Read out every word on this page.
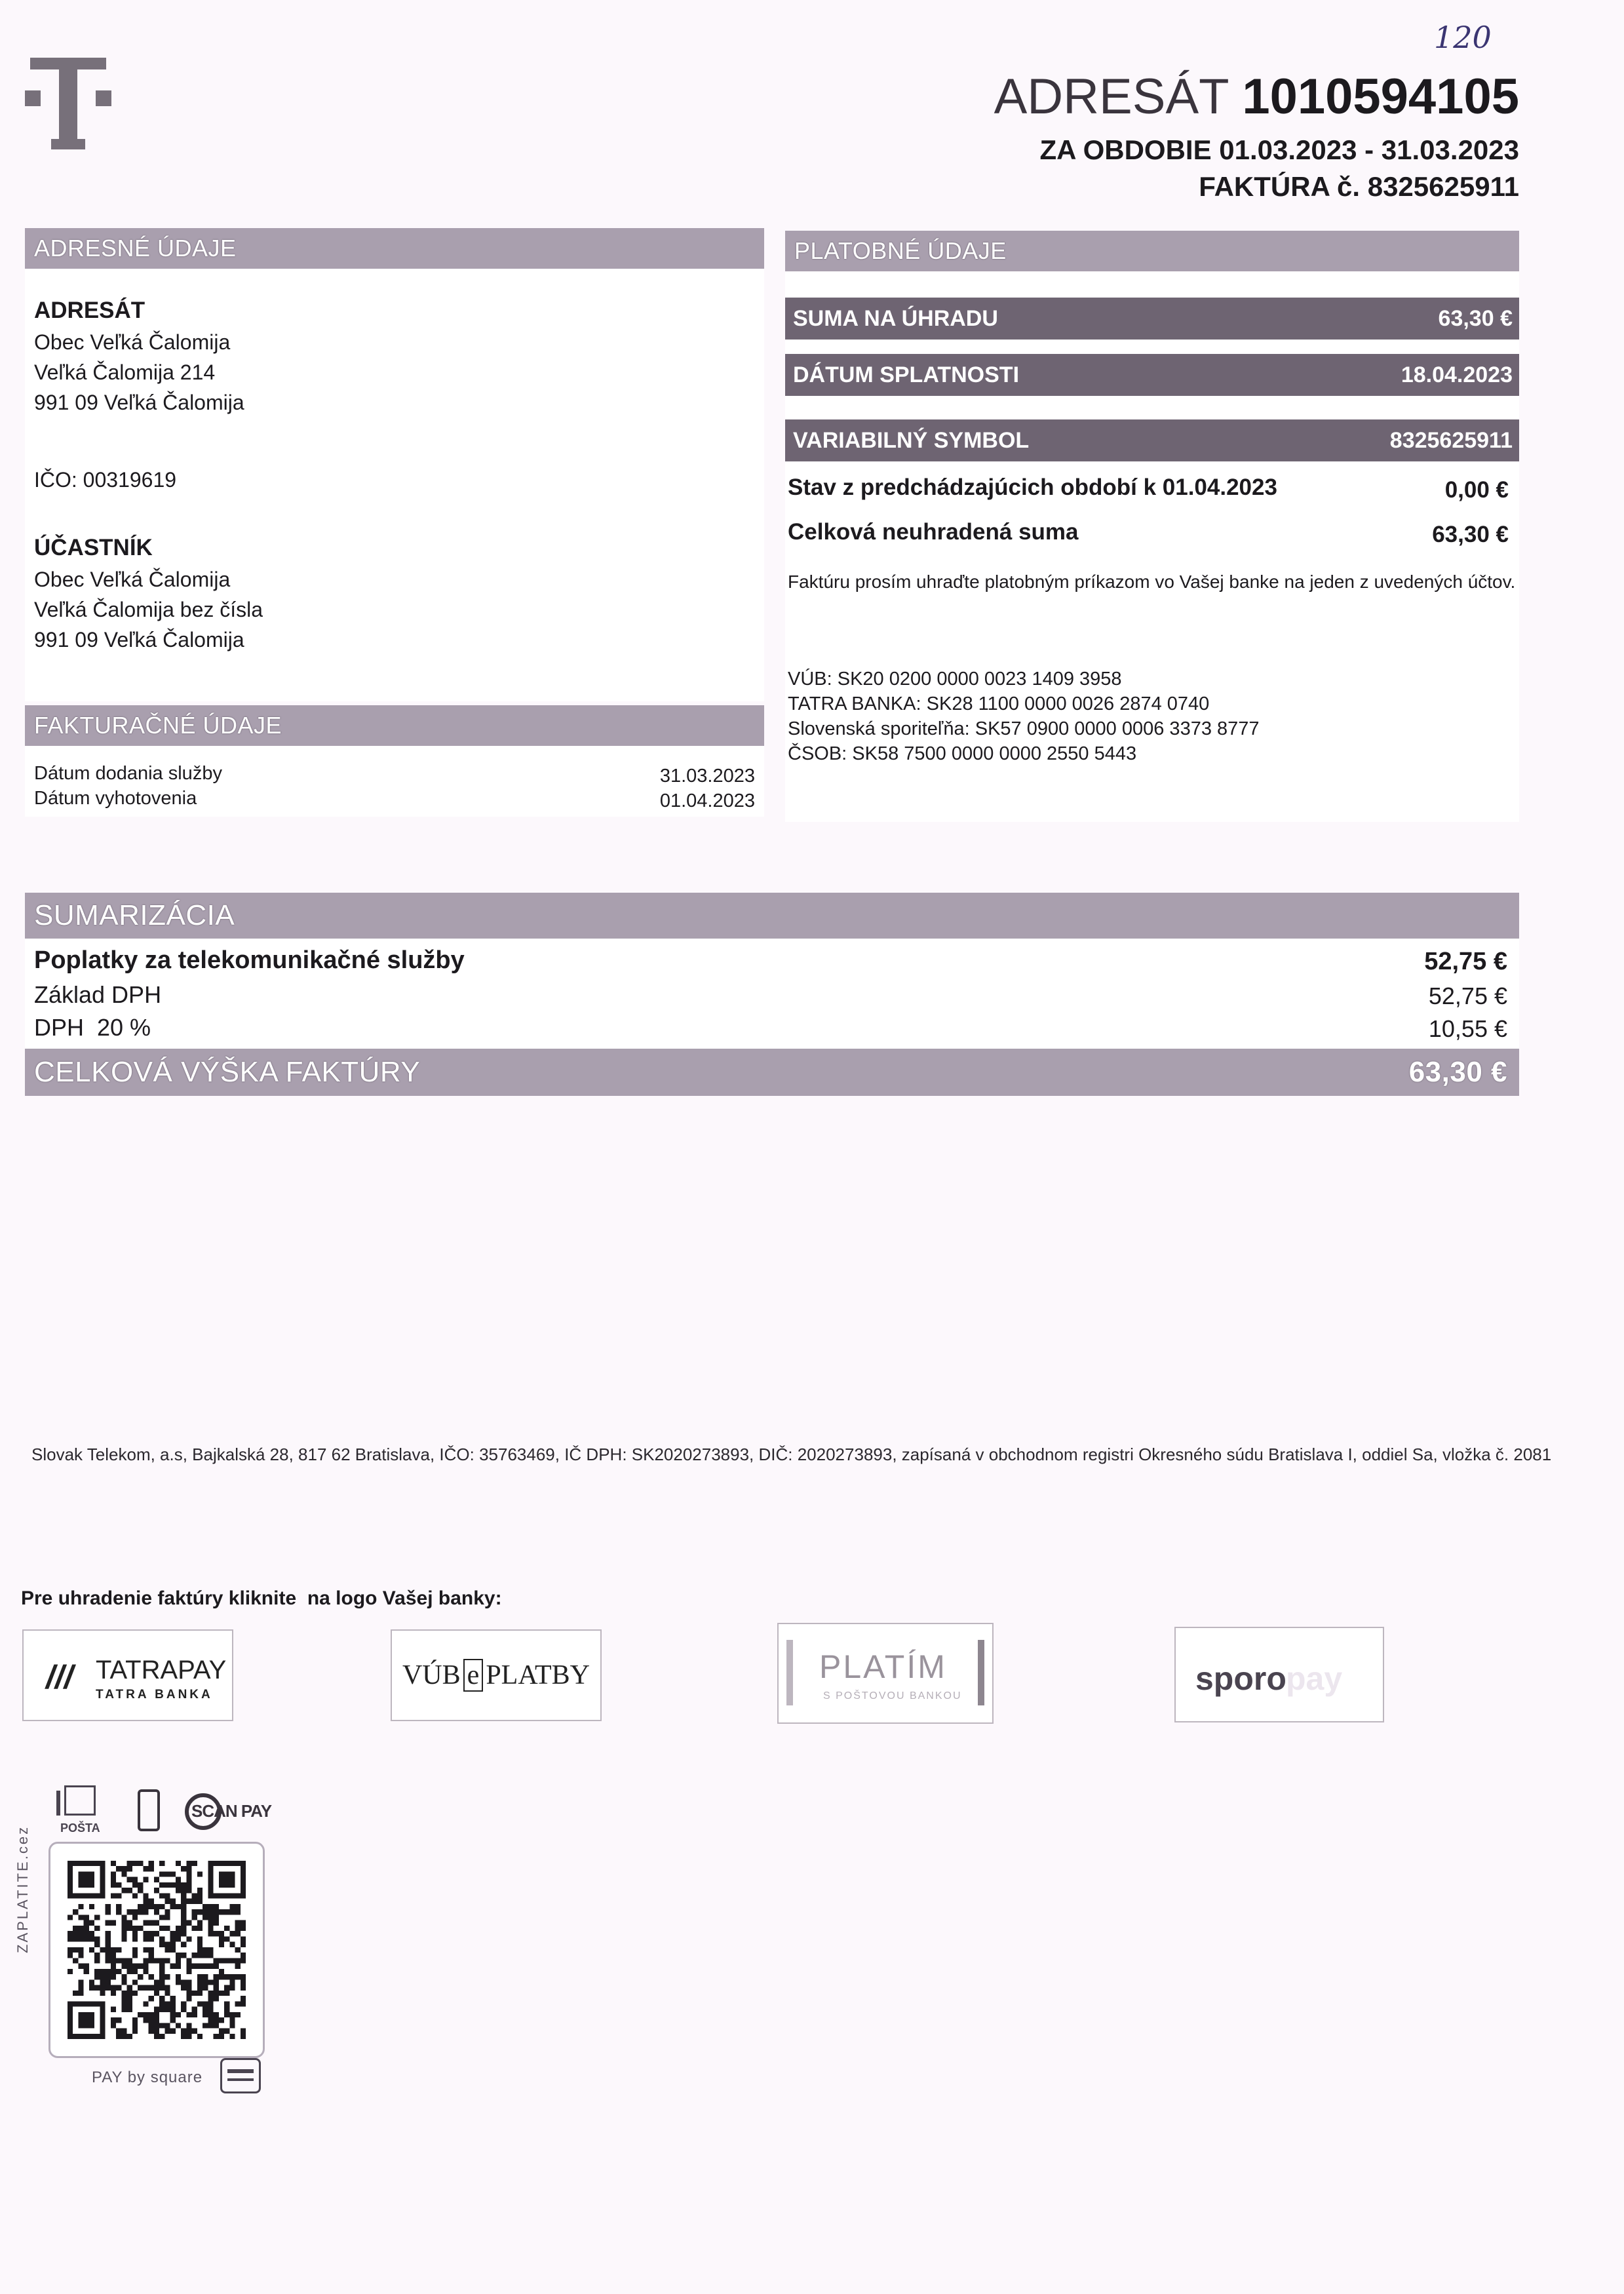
120
ADRESÁT 1010594105
ZA OBDOBIE 01.03.2023 - 31.03.2023
FAKTÚRA č. 8325625911
ADRESNÉ ÚDAJE
ADRESÁT
Obec Veľká Čalomija
Veľká Čalomija 214
991 09 Veľká Čalomija
IČO: 00319619
ÚČASTNÍK
Obec Veľká Čalomija
Veľká Čalomija bez čísla
991 09 Veľká Čalomija
FAKTURAČNÉ ÚDAJE
Dátum dodania služby	31.03.2023
Dátum vyhotovenia	01.04.2023
PLATOBNÉ ÚDAJE
SUMA NA ÚHRADU	63,30 €
DÁTUM SPLATNOSTI	18.04.2023
VARIABILNÝ SYMBOL	8325625911
Stav z predchádzajúcich období k 01.04.2023	0,00 €
Celková neuhradená suma	63,30 €
Faktúru prosím uhraďte platobným príkazom vo Vašej banke na jeden z uvedených účtov.
VÚB: SK20 0200 0000 0023 1409 3958
TATRA BANKA: SK28 1100 0000 0026 2874 0740
Slovenská sporiteľňa: SK57 0900 0000 0006 3373 8777
ČSOB: SK58 7500 0000 0000 2550 5443
SUMARIZÁCIA
Poplatky za telekomunikačné služby	52,75 €
Základ DPH	52,75 €
DPH  20 %	10,55 €
CELKOVÁ VÝŠKA FAKTÚRY	63,30 €
Slovak Telekom, a.s, Bajkalská 28, 817 62 Bratislava, IČO: 35763469, IČ DPH: SK2020273893, DIČ: 2020273893, zapísaná v obchodnom registri Okresného súdu Bratislava I, oddiel Sa, vložka č. 2081
Pre uhradenie faktúry kliknite  na logo Vašej banky:
/// TATRAPAY
TATRA BANKA
VÚB e PLATBY	PLATÍM
S POŠTOVOU BANKOU	sporo pay
POŠTA
SCAN PAY
ZAPLATITE.cez
PAY by square
